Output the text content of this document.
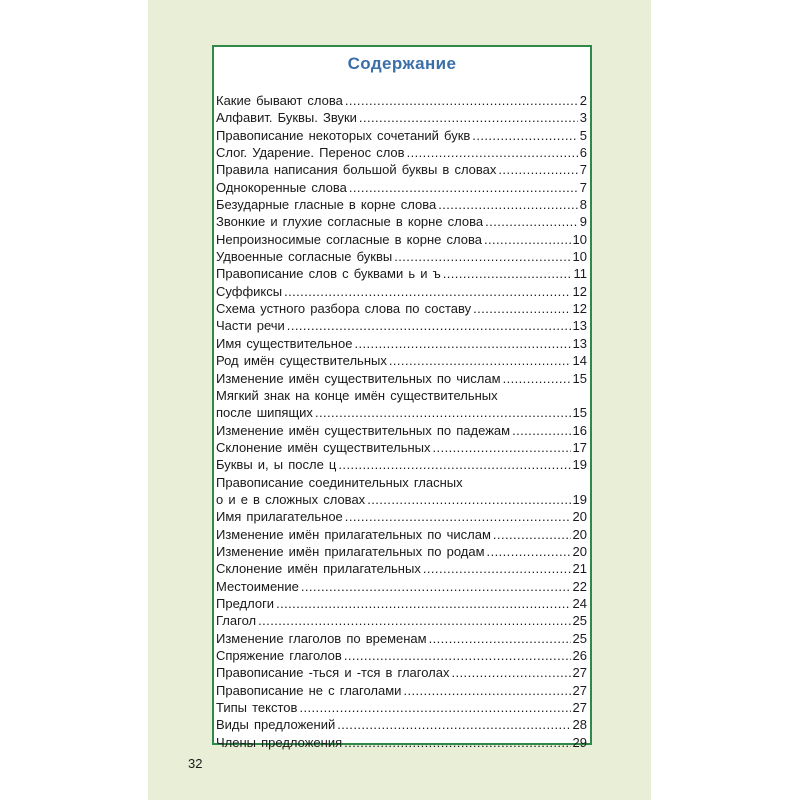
Содержание
Какие бывают слова . . .	2
Алфавит. Буквы. Звуки . . .	3
Правописание некоторых сочетаний букв . . .	5
Слог. Ударение. Перенос слов . . .	6
Правила написания большой буквы в словах . . .	7
Однокоренные слова . . .	7
Безударные гласные в корне слова . . .	8
Звонкие и глухие согласные в корне слова . . .	9
Непроизносимые согласные в корне слова . . .	10
Удвоенные согласные буквы . . .	10
Правописание слов с буквами ь и ъ . . .	11
Суффиксы . . .	12
Схема устного разбора слова по составу . . .	12
Части речи . . .	13
Имя существительное . . .	13
Род имён существительных . . .	14
Изменение имён существительных по числам . . .	15
Мягкий знак на конце имён существительных
после шипящих . . .	15
Изменение имён существительных по падежам . . .	16
Склонение имён существительных . . .	17
Буквы и, ы после ц . . .	19
Правописание соединительных гласных
о и е в сложных словах . . .	19
Имя прилагательное . . .	20
Изменение имён прилагательных по числам . . .	20
Изменение имён прилагательных по родам . . .	20
Склонение имён прилагательных . . .	21
Местоимение . . .	22
Предлоги . . .	24
Глагол . . .	25
Изменение глаголов по временам . . .	25
Спряжение глаголов . . .	26
Правописание -ться и -тся в глаголах . . .	27
Правописание не с глаголами . . .	27
Типы текстов . . .	27
Виды предложений . . .	28
Члены предложения . . .	29
32
